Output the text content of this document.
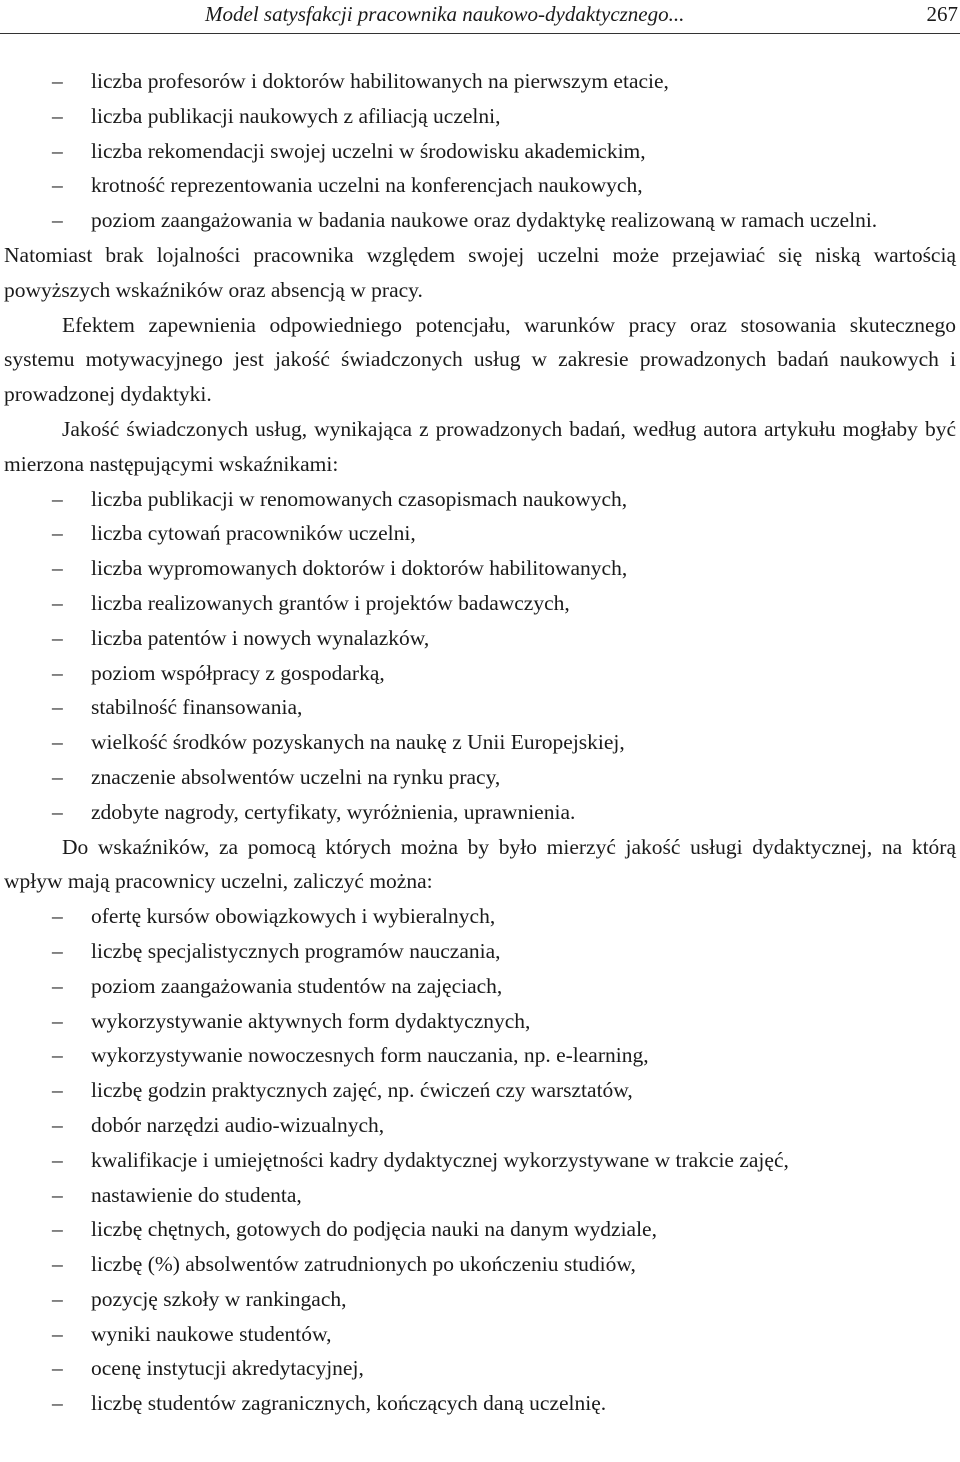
Model satysfakcji pracownika naukowo-dydaktycznego...	267
– liczba profesorów i doktorów habilitowanych na pierwszym etacie,
– liczba publikacji naukowych z afiliacją uczelni,
– liczba rekomendacji swojej uczelni w środowisku akademickim,
– krotność reprezentowania uczelni na konferencjach naukowych,
– poziom zaangażowania w badania naukowe oraz dydaktykę realizowaną w ramach uczelni.

Natomiast brak lojalności pracownika względem swojej uczelni może przejawiać się niską wartością powyższych wskaźników oraz absencją w pracy.

Efektem zapewnienia odpowiedniego potencjału, warunków pracy oraz stosowania skutecznego systemu motywacyjnego jest jakość świadczonych usług w zakresie prowadzonych badań naukowych i prowadzonej dydaktyki.

Jakość świadczonych usług, wynikająca z prowadzonych badań, według autora artykułu mogłaby być mierzona następującymi wskaźnikami:

– liczba publikacji w renomowanych czasopismach naukowych,
– liczba cytowań pracowników uczelni,
– liczba wypromowanych doktorów i doktorów habilitowanych,
– liczba realizowanych grantów i projektów badawczych,
– liczba patentów i nowych wynalazków,
– poziom współpracy z gospodarką,
– stabilność finansowania,
– wielkość środków pozyskanych na naukę z Unii Europejskiej,
– znaczenie absolwentów uczelni na rynku pracy,
– zdobyte nagrody, certyfikaty, wyróżnienia, uprawnienia.

Do wskaźników, za pomocą których można by było mierzyć jakość usługi dydaktycznej, na którą wpływ mają pracownicy uczelni, zaliczyć można:

– ofertę kursów obowiązkowych i wybieralnych,
– liczbę specjalistycznych programów nauczania,
– poziom zaangażowania studentów na zajęciach,
– wykorzystywanie aktywnych form dydaktycznych,
– wykorzystywanie nowoczesnych form nauczania, np. e-learning,
– liczbę godzin praktycznych zajęć, np. ćwiczeń czy warsztatów,
– dobór narzędzi audio-wizualnych,
– kwalifikacje i umiejętności kadry dydaktycznej wykorzystywane w trakcie zajęć,
– nastawienie do studenta,
– liczbę chętnych, gotowych do podjęcia nauki na danym wydziale,
– liczbę (%) absolwentów zatrudnionych po ukończeniu studiów,
– pozycję szkoły w rankingach,
– wyniki naukowe studentów,
– ocenę instytucji akredytacyjnej,
– liczbę studentów zagranicznych, kończących daną uczelnię.
